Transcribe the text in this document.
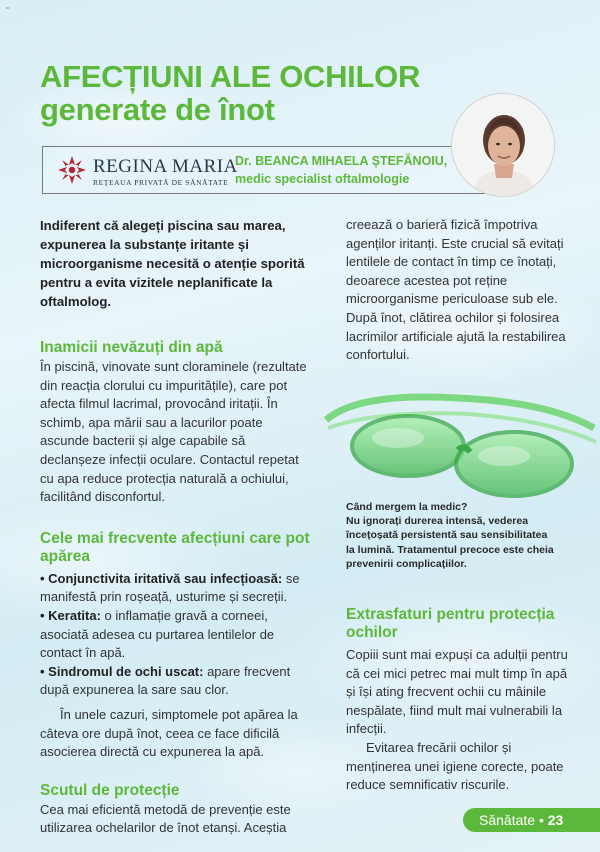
=
AFECȚIUNI ALE OCHILOR
generate de înot
REGINA MARIA
REȚEAUA PRIVATĂ DE SĂNĂTATE
Dr. BEANCA MIHAELA ȘTEFĂNOIU,
medic specialist oftalmologie

Indiferent că alegeți piscina sau marea, expunerea la substanțe iritante și microorganisme necesită o atenție sporită pentru a evita vizitele neplanificate la oftalmolog.

Inamicii nevăzuți din apă

În piscină, vinovate sunt cloraminele (rezultate din reacția clorului cu impuritățile), care pot afecta filmul lacrimal, provocând iritații. În schimb, apa mării sau a lacurilor poate ascunde bacterii și alge capabile să declanșeze infecții oculare. Contactul repetat cu apa reduce protecția naturală a ochiului, facilitând disconfortul.

Cele mai frecvente afecțiuni care pot apărea

• Conjunctivita iritativă sau infecțioasă: se manifestă prin roșeață, usturime și secreții.

• Keratita: o inflamație gravă a corneei, asociată adesea cu purtarea lentilelor de contact în apă.

• Sindromul de ochi uscat: apare frecvent după expunerea la sare sau clor.

În unele cazuri, simptomele pot apărea la câteva ore după înot, ceea ce face dificilă asocierea directă cu expunerea la apă.

Scutul de protecție

Cea mai eficientă metodă de prevenție este utilizarea ochelarilor de înot etanși. Aceștia

creează o barieră fizică împotriva agenților iritanți. Este crucial să evitați lentilele de contact în timp ce înotați, deoarece acestea pot reține microorganisme periculoase sub ele. După înot, clătirea ochilor și folosirea lacrimilor artificiale ajută la restabilirea confortului.

Când mergem la medic?
Nu ignorați durerea intensă, vederea încețoșată persistentă sau sensibilitatea la lumină. Tratamentul precoce este cheia prevenirii complicațiilor.
Extrasfaturi pentru protecția ochilor

Copiii sunt mai expuși ca adulții pentru că cei mici petrec mai mult timp în apă și își ating frecvent ochii cu mâinile nespălate, fiind mult mai vulnerabili la infecții.

Evitarea frecării ochilor și menținerea unei igiene corecte, poate reduce semnificativ riscurile.

Sănătate • 23
